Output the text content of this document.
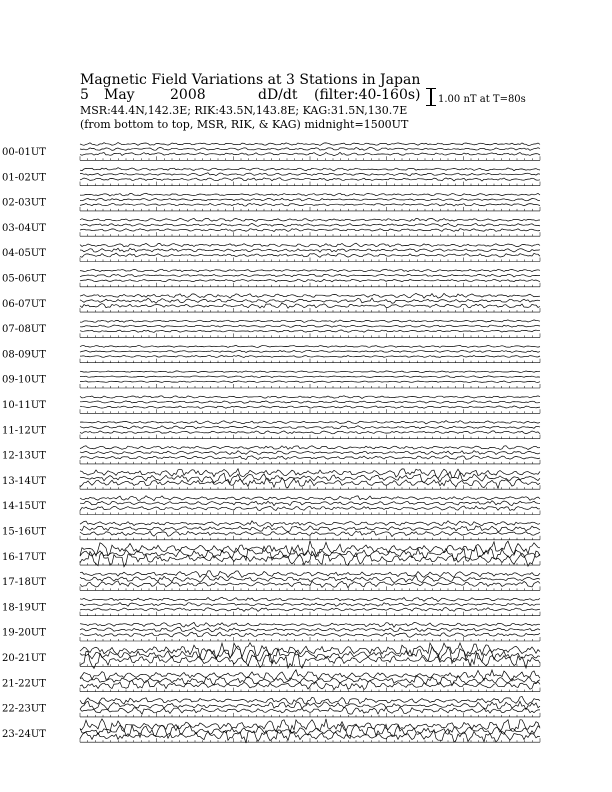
Magnetic Field Variations at 3 Stations in Japan
5 May	2008	dD/dt (filter:40-160s)
MSR:44.4N,142.3E; RIK:43.5N,143.8E; KAG:31.5N,130.7E
(from bottom to top, MSR, RIK, & KAG) midnight=1500UT
1.00 nT at T=80s
00-01UT
01-02UT
02-03UT
03-04UT
04-05UT
05-06UT
06-07UT
07-08UT
08-09UT
09-10UT
10-11UT
11-12UT
12-13UT
13-14UT
14-15UT
15-16UT
16-17UT
17-18UT
18-19UT
19-20UT
20-21UT
21-22UT
22-23UT
23-24UT
